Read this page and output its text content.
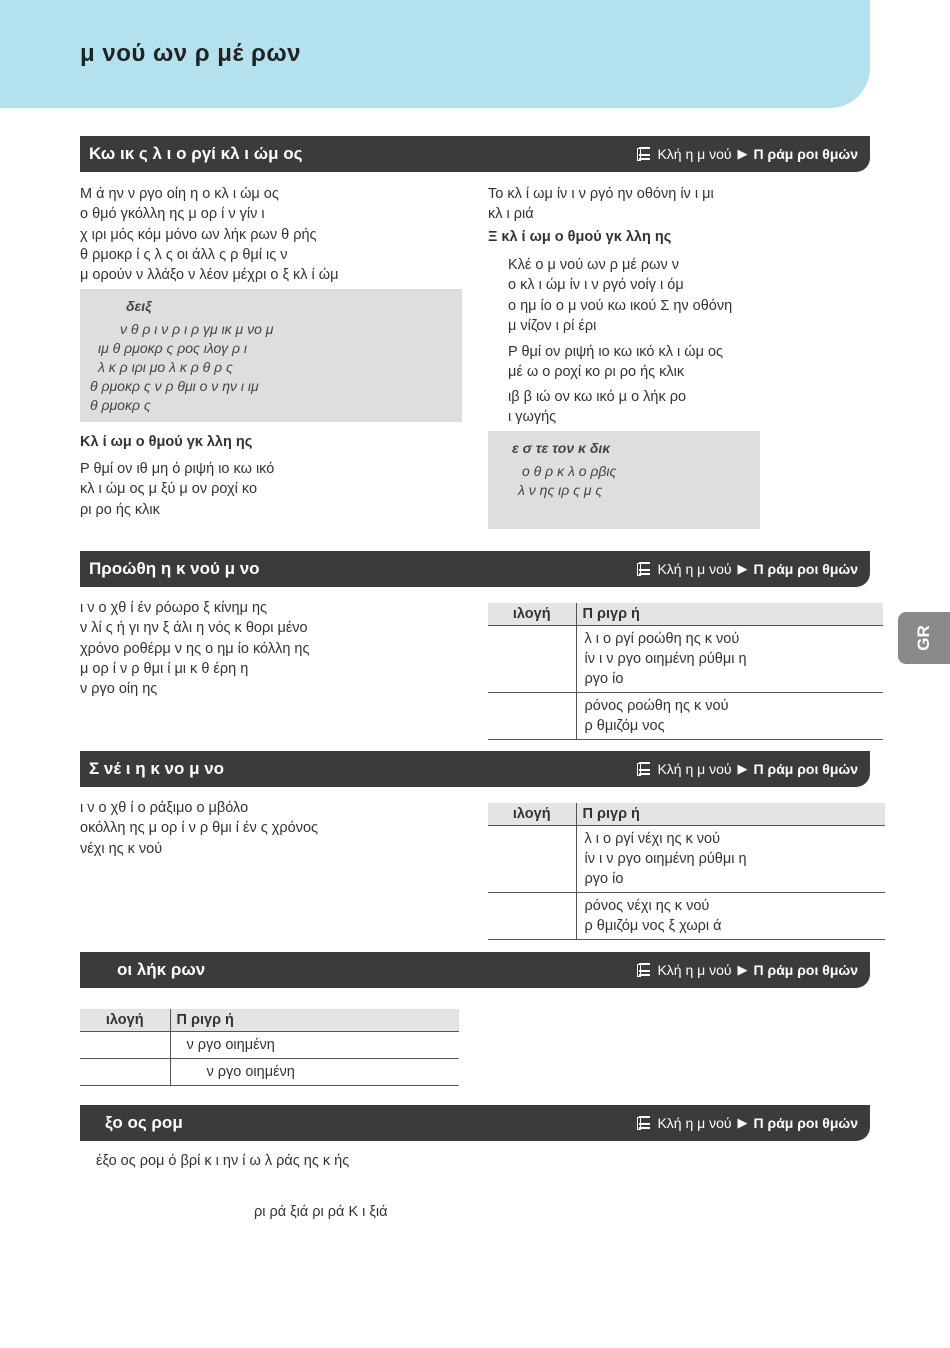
μ νού ων ρ μέ ρων
GR
Κω ικ ς λ ι ο ργί κλ ι ώμ ος	Κλή η μ νού ▶ Π ράμ ροι θμών
Μ ά ην ν ργο οίη η ο κλ ι ώμ ος
ο θμό γκόλλη ης μ ορ ί ν γίν ι
χ ιρι μός κόμ μόνο ων λήκ ρων θ ρής
θ ρμοκρ ί ς λ ς οι άλλ ς ρ θμί ις ν
μ ορούν ν λλάξο ν λέον μέχρι ο ξ κλ ί ώμ
δειξ
ν θ ρ ι ν ρ ι ρ γμ ικ μ νο μ
ιμ θ ρμοκρ ς ρος ιλογ ρ ι
λ κ ρ ιρι μο λ κ ρ θ ρ ς
θ ρμοκρ ς ν ρ θμι ο ν ην ι ιμ
θ ρμοκρ ς
Κλ ί ωμ ο θμού γκ λλη ης
Ρ θμί ον ιθ μη ό ριψή ιο κω ικό
κλ ι ώμ ος μ ξύ μ ον ροχί κο
ρι ρο ής κλικ
Το κλ ί ωμ ίν ι ν ργό ην οθόνη ίν ι μι
κλ ι ριά
Ξ κλ ί ωμ ο θμού γκ λλη ης
Κλέ ο μ νού ων ρ μέ ρων ν
ο κλ ι ώμ ίν ι ν ργό νοίγ ι όμ
ο ημ ίο ο μ νού κω ικού Σ ην οθόνη
μ νίζον ι ρί έρι
Ρ θμί ον ριψή ιο κω ικό κλ ι ώμ ος
μέ ω ο ροχί κο ρι ρο ής κλικ
ιβ β ιώ ον κω ικό μ ο λήκ ρο
ι γωγής
ε σ τε τον κ δικ
ο θ ρ κ λ ο ρβις
λ ν ης ιρ ς μ ς
Προώθη η κ νού μ νο	Κλή η μ νού ▶ Π ράμ ροι θμών
ι ν ο χθ ί έν ρόωρο ξ κίνημ ης
ν λί ς ή γι ην ξ άλι η νός κ θορι μένο
χρόνο ροθέρμ ν ης ο ημ ίο κόλλη ης
μ ορ ί ν ρ θμι ί μι κ θ έρη η
ν ργο οίη ης
ιλογή	Π ριγρ ή
	λ ι ο ργί ροώθη ης κ νού
ίν ι ν ργο οιημένη ρύθμι η
ργο ίο
	ρόνος ροώθη ης κ νού
ρ θμιζόμ νος
Σ νέ ι η κ νο μ νο	Κλή η μ νού ▶ Π ράμ ροι θμών
ι ν ο χθ ί ο ράξιμο ο μβόλο
οκόλλη ης μ ορ ί ν ρ θμι ί έν ς χρόνος
νέχι ης κ νού
ιλογή	Π ριγρ ή
	λ ι ο ργί νέχι ης κ νού
ίν ι ν ργο οιημένη ρύθμι η
ργο ίο
	ρόνος νέχι ης κ νού
ρ θμιζόμ νος ξ χωρι ά
οι λήκ ρων	Κλή η μ νού ▶ Π ράμ ροι θμών
ιλογή	Π ριγρ ή
	ν ργο οιημένη
	ν ργο οιημένη
ξο ος ρομ	Κλή η μ νού ▶ Π ράμ ροι θμών
έξο ος ρομ ό βρί κ ι ην ί ω λ ράς ης κ ής
ρι ρά ξιά ρι ρά Κ ι ξιά
